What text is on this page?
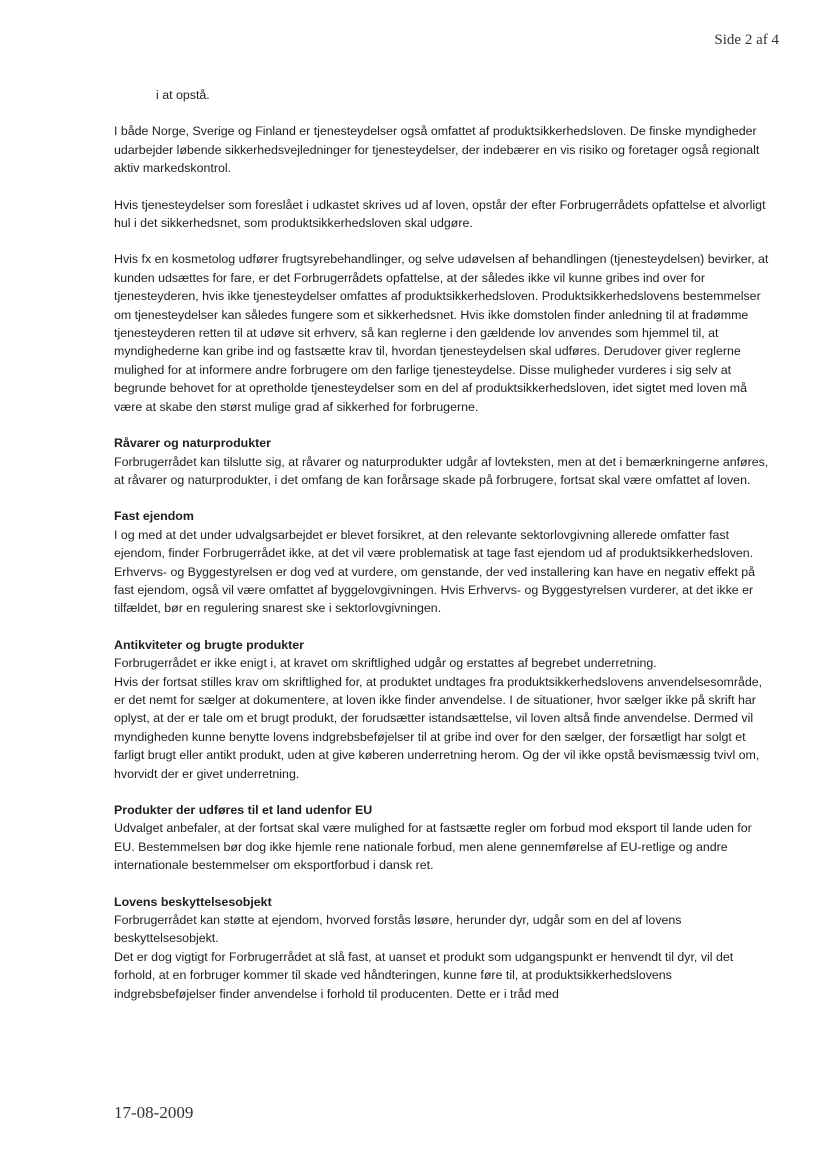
Side 2 af 4

i at opstå.

I både Norge, Sverige og Finland er tjenesteydelser også omfattet af produktsikkerhedsloven. De finske myndigheder udarbejder løbende sikkerhedsvejledninger for tjenesteydelser, der indebærer en vis risiko og foretager også regionalt aktiv markedskontrol.

Hvis tjenesteydelser som foreslået i udkastet skrives ud af loven, opstår der efter Forbrugerrådets opfattelse et alvorligt hul i det sikkerhedsnet, som produktsikkerhedsloven skal udgøre.

Hvis fx en kosmetolog udfører frugtsyrebehandlinger, og selve udøvelsen af behandlingen (tjenesteydelsen) bevirker, at kunden udsættes for fare, er det Forbrugerrådets opfattelse, at der således ikke vil kunne gribes ind over for tjenesteyderen, hvis ikke tjenesteydelser omfattes af produktsikkerhedsloven. Produktsikkerhedslovens bestemmelser om tjenesteydelser kan således fungere som et sikkerhedsnet. Hvis ikke domstolen finder anledning til at fradømme tjenesteyderen retten til at udøve sit erhverv, så kan reglerne i den gældende lov anvendes som hjemmel til, at myndighederne kan gribe ind og fastsætte krav til, hvordan tjenesteydelsen skal udføres. Derudover giver reglerne mulighed for at informere andre forbrugere om den farlige tjenesteydelse. Disse muligheder vurderes i sig selv at begrunde behovet for at opretholde tjenesteydelser som en del af produktsikkerhedsloven, idet sigtet med loven må være at skabe den størst mulige grad af sikkerhed for forbrugerne.

Råvarer og naturprodukter

Forbrugerrådet kan tilslutte sig, at råvarer og naturprodukter udgår af lovteksten, men at det i bemærkningerne anføres, at råvarer og naturprodukter, i det omfang de kan forårsage skade på forbrugere, fortsat skal være omfattet af loven.

Fast ejendom

I og med at det under udvalgsarbejdet er blevet forsikret, at den relevante sektorlovgivning allerede omfatter fast ejendom, finder Forbrugerrådet ikke, at det vil være problematisk at tage fast ejendom ud af produktsikkerhedsloven. Erhvervs- og Byggestyrelsen er dog ved at vurdere, om genstande, der ved installering kan have en negativ effekt på fast ejendom, også vil være omfattet af byggelovgivningen. Hvis Erhvervs- og Byggestyrelsen vurderer, at det ikke er tilfældet, bør en regulering snarest ske i sektorlovgivningen.

Antikviteter og brugte produkter

Forbrugerrådet er ikke enigt i, at kravet om skriftlighed udgår og erstattes af begrebet underretning.

Hvis der fortsat stilles krav om skriftlighed for, at produktet undtages fra produktsikkerhedslovens anvendelsesområde, er det nemt for sælger at dokumentere, at loven ikke finder anvendelse. I de situationer, hvor sælger ikke på skrift har oplyst, at der er tale om et brugt produkt, der forudsætter istandsættelse, vil loven altså finde anvendelse. Dermed vil myndigheden kunne benytte lovens indgrebsbeføjelser til at gribe ind over for den sælger, der forsætligt har solgt et farligt brugt eller antikt produkt, uden at give køberen underretning herom. Og der vil ikke opstå bevismæssig tvivl om, hvorvidt der er givet underretning.

Produkter der udføres til et land udenfor EU

Udvalget anbefaler, at der fortsat skal være mulighed for at fastsætte regler om forbud mod eksport til lande uden for EU. Bestemmelsen bør dog ikke hjemle rene nationale forbud, men alene gennemførelse af EU-retlige og andre internationale bestemmelser om eksportforbud i dansk ret.

Lovens beskyttelsesobjekt

Forbrugerrådet kan støtte at ejendom, hvorved forstås løsøre, herunder dyr, udgår som en del af lovens beskyttelsesobjekt.

Det er dog vigtigt for Forbrugerrådet at slå fast, at uanset et produkt som udgangspunkt er henvendt til dyr, vil det forhold, at en forbruger kommer til skade ved håndteringen, kunne føre til, at produktsikkerhedslovens indgrebsbeføjelser finder anvendelse i forhold til producenten. Dette er i tråd med

17-08-2009
